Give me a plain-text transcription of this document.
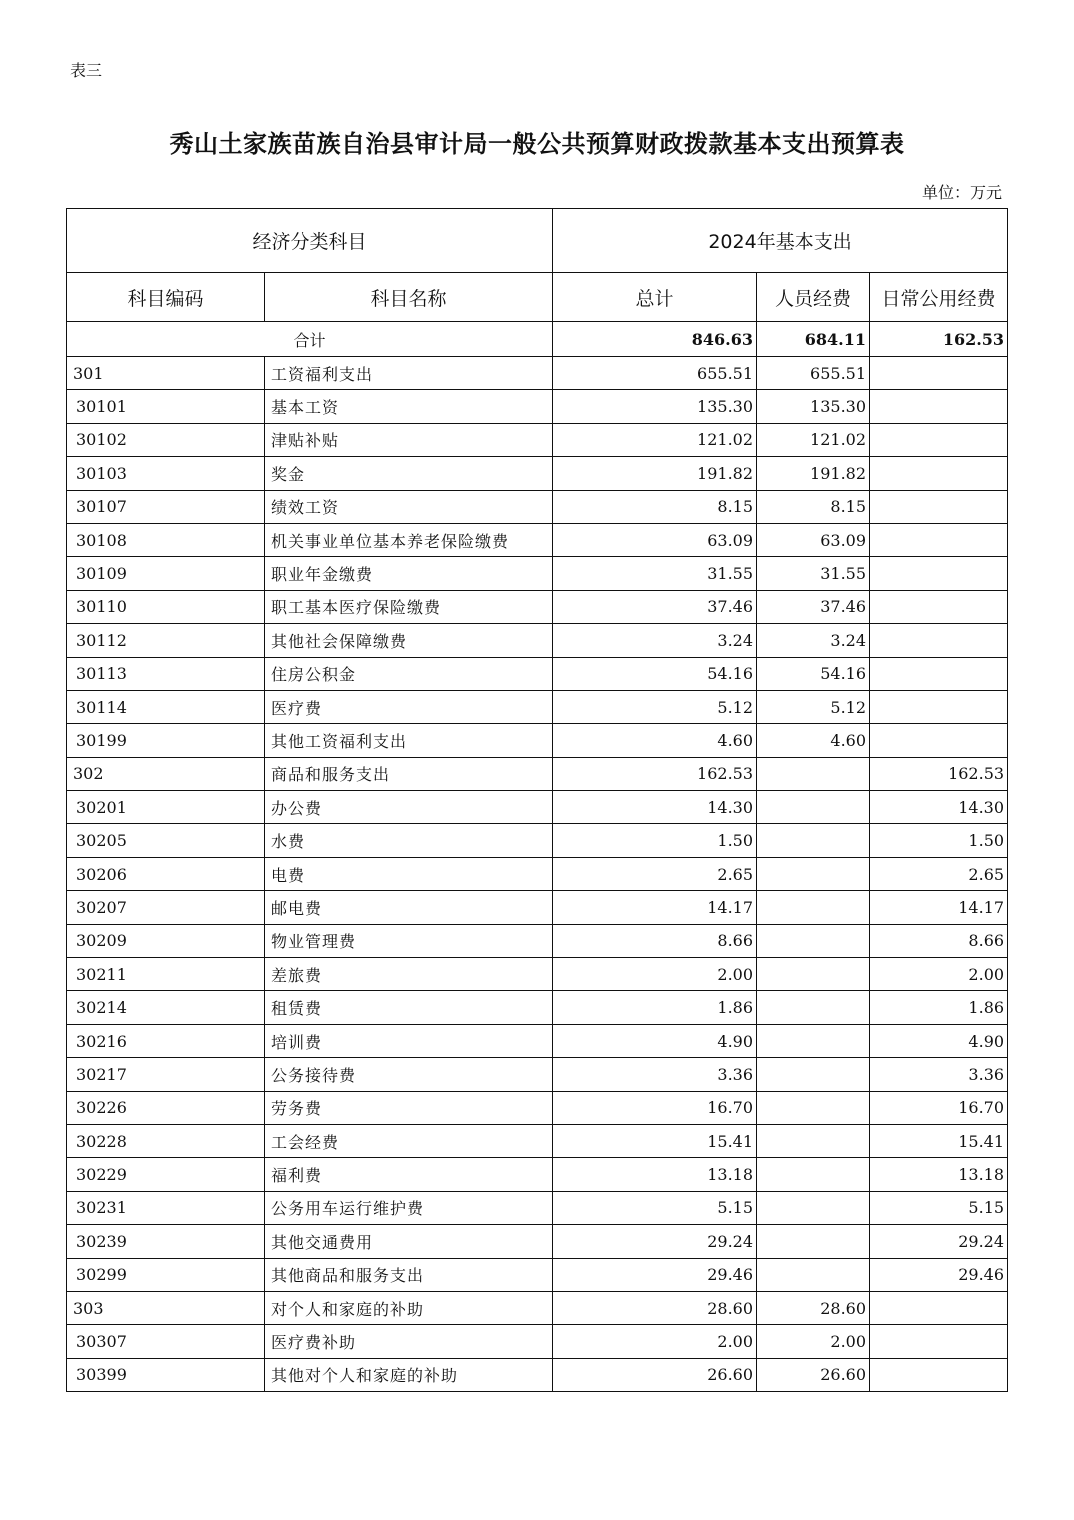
表三
秀山土家族苗族自治县审计局一般公共预算财政拨款基本支出预算表
单位：万元
经济分类科目		2024年基本支出		
科目编码	科目名称	总计	人员经费	日常公用经费
合计		846.63	684.11	162.53
301	工资福利支出	655.51	655.51	
30101	基本工资	135.30	135.30	
30102	津贴补贴	121.02	121.02	
30103	奖金	191.82	191.82	
30107	绩效工资	8.15	8.15	
30108	机关事业单位基本养老保险缴费	63.09	63.09	
30109	职业年金缴费	31.55	31.55	
30110	职工基本医疗保险缴费	37.46	37.46	
30112	其他社会保障缴费	3.24	3.24	
30113	住房公积金	54.16	54.16	
30114	医疗费	5.12	5.12	
30199	其他工资福利支出	4.60	4.60	
302	商品和服务支出	162.53		162.53
30201	办公费	14.30		14.30
30205	水费	1.50		1.50
30206	电费	2.65		2.65
30207	邮电费	14.17		14.17
30209	物业管理费	8.66		8.66
30211	差旅费	2.00		2.00
30214	租赁费	1.86		1.86
30216	培训费	4.90		4.90
30217	公务接待费	3.36		3.36
30226	劳务费	16.70		16.70
30228	工会经费	15.41		15.41
30229	福利费	13.18		13.18
30231	公务用车运行维护费	5.15		5.15
30239	其他交通费用	29.24		29.24
30299	其他商品和服务支出	29.46		29.46
303	对个人和家庭的补助	28.60	28.60	
30307	医疗费补助	2.00	2.00	
30399	其他对个人和家庭的补助	26.60	26.60	
